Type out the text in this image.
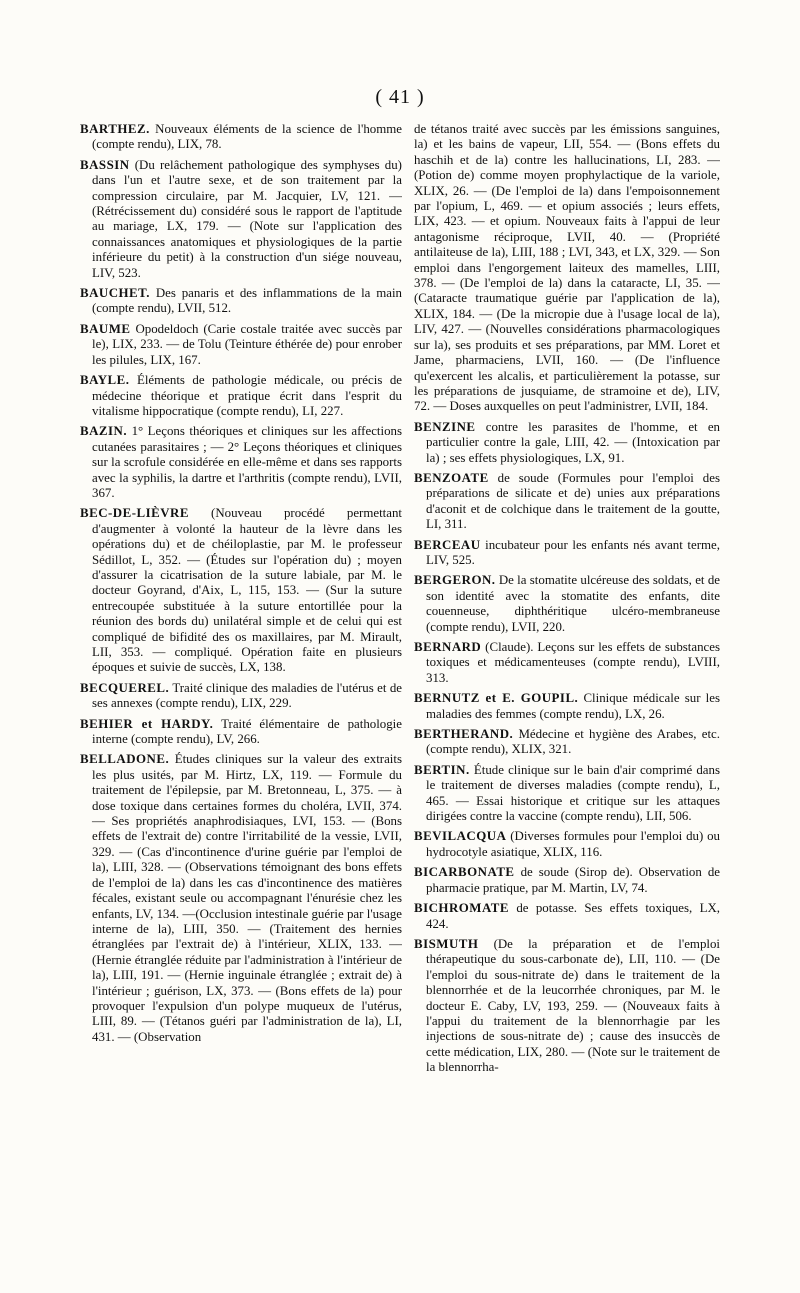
( 41 )

BARTHEZ. Nouveaux éléments de la science de l'homme (compte rendu), LIX, 78.

BASSIN (Du relâchement pathologique des symphyses du) dans l'un et l'autre sexe, et de son traitement par la compression circulaire, par M. Jacquier, LV, 121. — (Rétrécissement du) considéré sous le rapport de l'aptitude au mariage, LX, 179. — (Note sur l'application des connaissances anatomiques et physiologiques de la partie inférieure du petit) à la construction d'un siége nouveau, LIV, 523.

BAUCHET. Des panaris et des inflammations de la main (compte rendu), LVII, 512.

BAUME Opodeldoch (Carie costale traitée avec succès par le), LIX, 233. — de Tolu (Teinture éthérée de) pour enrober les pilules, LIX, 167.

BAYLE. Éléments de pathologie médicale, ou précis de médecine théorique et pratique écrit dans l'esprit du vitalisme hippocratique (compte rendu), LI, 227.

BAZIN. 1° Leçons théoriques et cliniques sur les affections cutanées parasitaires ; — 2° Leçons théoriques et cliniques sur la scrofule considérée en elle-même et dans ses rapports avec la syphilis, la dartre et l'arthritis (compte rendu), LVII, 367.

BEC-DE-LIÈVRE (Nouveau procédé permettant d'augmenter à volonté la hauteur de la lèvre dans les opérations du) et de chéiloplastie, par M. le professeur Sédillot, L, 352. — (Études sur l'opération du) ; moyen d'assurer la cicatrisation de la suture labiale, par M. le docteur Goyrand, d'Aix, L, 115, 153. — (Sur la suture entrecoupée substituée à la suture entortillée pour la réunion des bords du) unilatéral simple et de celui qui est compliqué de bifidité des os maxillaires, par M. Mirault, LII, 353. — compliqué. Opération faite en plusieurs époques et suivie de succès, LX, 138.

BECQUEREL. Traité clinique des maladies de l'utérus et de ses annexes (compte rendu), LIX, 229.

BEHIER et HARDY. Traité élémentaire de pathologie interne (compte rendu), LV, 266.

BELLADONE. Études cliniques sur la valeur des extraits les plus usités, par M. Hirtz, LX, 119. — Formule du traitement de l'épilepsie, par M. Bretonneau, L, 375. — à dose toxique dans certaines formes du choléra, LVII, 374. — Ses propriétés anaphrodisiaques, LVI, 153. — (Bons effets de l'extrait de) contre l'irritabilité de la vessie, LVII, 329. — (Cas d'incontinence d'urine guérie par l'emploi de la), LIII, 328. — (Observations témoignant des bons effets de l'emploi de la) dans les cas d'incontinence des matières fécales, existant seule ou accompagnant l'énurésie chez les enfants, LV, 134. —(Occlusion intestinale guérie par l'usage interne de la), LIII, 350. — (Traitement des hernies étranglées par l'extrait de) à l'intérieur, XLIX, 133. — (Hernie étranglée réduite par l'administration à l'intérieur de la), LIII, 191. — (Hernie inguinale étranglée ; extrait de) à l'intérieur ; guérison, LX, 373. — (Bons effets de la) pour provoquer l'expulsion d'un polype muqueux de l'utérus, LIII, 89. — (Tétanos guéri par l'administration de la), LI, 431. — (Observation

de tétanos traité avec succès par les émissions sanguines, la) et les bains de vapeur, LII, 554. — (Bons effets du haschih et de la) contre les hallucinations, LI, 283. — (Potion de) comme moyen prophylactique de la variole, XLIX, 26. — (De l'emploi de la) dans l'empoisonnement par l'opium, L, 469. — et opium associés ; leurs effets, LIX, 423. — et opium. Nouveaux faits à l'appui de leur antagonisme réciproque, LVII, 40. — (Propriété antilaiteuse de la), LIII, 188 ; LVI, 343, et LX, 329. — Son emploi dans l'engorgement laiteux des mamelles, LIII, 378. — (De l'emploi de la) dans la cataracte, LI, 35. — (Cataracte traumatique guérie par l'application de la), XLIX, 184. — (De la micropie due à l'usage local de la), LIV, 427. — (Nouvelles considérations pharmacologiques sur la), ses produits et ses préparations, par MM. Loret et Jame, pharmaciens, LVII, 160. — (De l'influence qu'exercent les alcalis, et particulièrement la potasse, sur les préparations de jusquiame, de stramoine et de), LIV, 72. — Doses auxquelles on peut l'administrer, LVII, 184.

BENZINE contre les parasites de l'homme, et en particulier contre la gale, LIII, 42. — (Intoxication par la) ; ses effets physiologiques, LX, 91.

BENZOATE de soude (Formules pour l'emploi des préparations de silicate et de) unies aux préparations d'aconit et de colchique dans le traitement de la goutte, LI, 311.

BERCEAU incubateur pour les enfants nés avant terme, LIV, 525.

BERGERON. De la stomatite ulcéreuse des soldats, et de son identité avec la stomatite des enfants, dite couenneuse, diphthéritique ulcéro-membraneuse (compte rendu), LVII, 220.

BERNARD (Claude). Leçons sur les effets de substances toxiques et médicamenteuses (compte rendu), LVIII, 313.

BERNUTZ et E. GOUPIL. Clinique médicale sur les maladies des femmes (compte rendu), LX, 26.

BERTHERAND. Médecine et hygiène des Arabes, etc. (compte rendu), XLIX, 321.

BERTIN. Étude clinique sur le bain d'air comprimé dans le traitement de diverses maladies (compte rendu), L, 465. — Essai historique et critique sur les attaques dirigées contre la vaccine (compte rendu), LII, 506.

BEVILACQUA (Diverses formules pour l'emploi du) ou hydrocotyle asiatique, XLIX, 116.

BICARBONATE de soude (Sirop de). Observation de pharmacie pratique, par M. Martin, LV, 74.

BICHROMATE de potasse. Ses effets toxiques, LX, 424.

BISMUTH (De la préparation et de l'emploi thérapeutique du sous-carbonate de), LII, 110. — (De l'emploi du sous-nitrate de) dans le traitement de la blennorrhée et de la leucorrhée chroniques, par M. le docteur E. Caby, LV, 193, 259. — (Nouveaux faits à l'appui du traitement de la blennorrhagie par les injections de sous-nitrate de) ; cause des insuccès de cette médication, LIX, 280. — (Note sur le traitement de la blennorrha-
